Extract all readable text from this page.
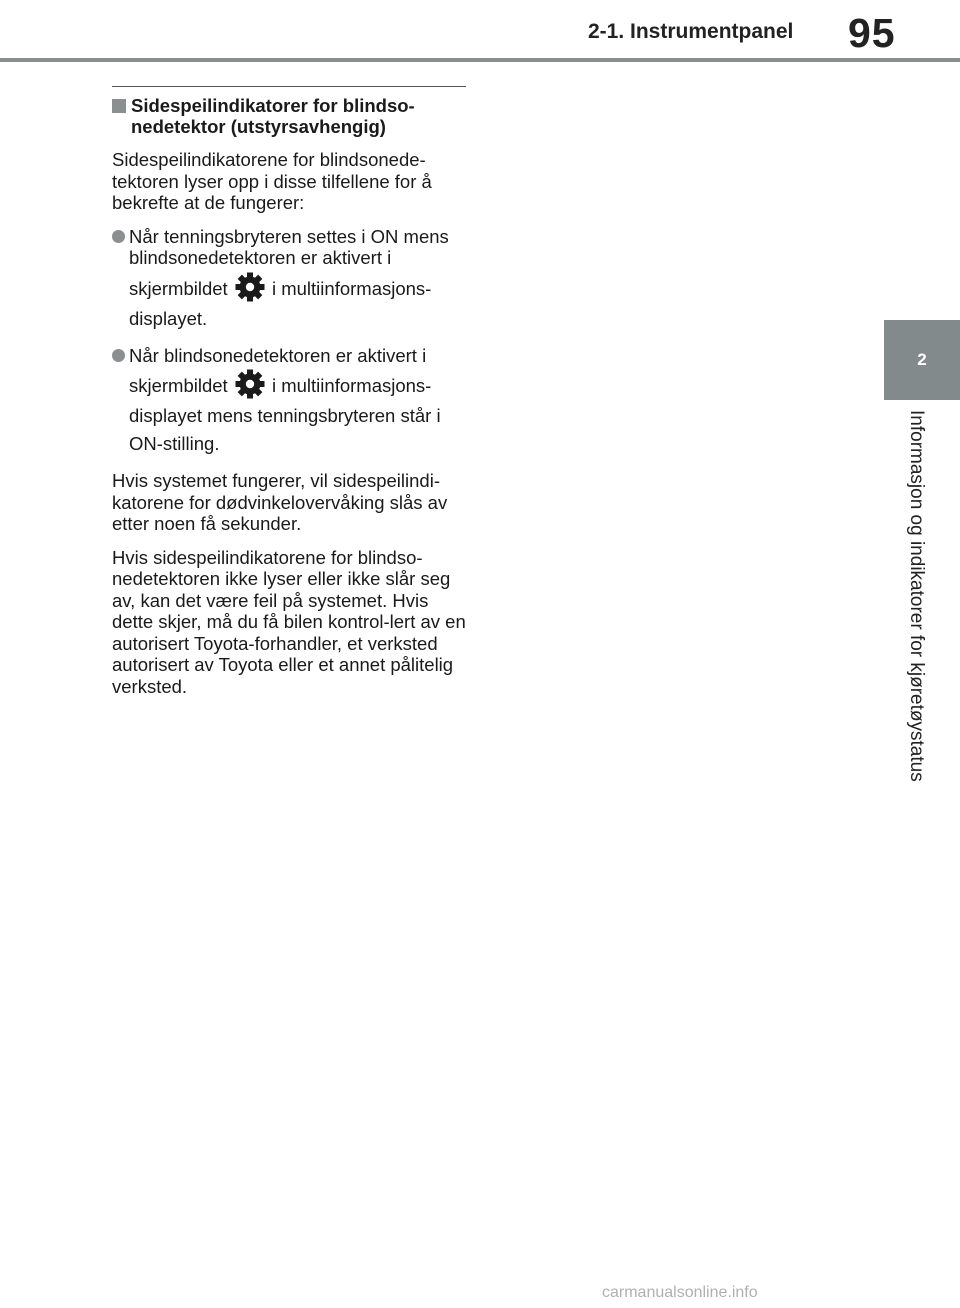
2-1. Instrumentpanel 95
2
Informasjon og indikatorer for kjøretøystatus
Sidespeilindikatorer for blindso-nedetektor (utstyrsavhengig)

Sidespeilindikatorene for blindsonede-tektoren lyser opp i disse tilfellene for å bekrefte at de fungerer:

Når tenningsbryteren settes i ON mens blindsonedetektoren er aktivert i
skjermbildet i multiinformasjons-displayet.
Når blindsonedetektoren er aktivert i
skjermbildet i multiinformasjons-displayet mens tenningsbryteren står i ON-stilling.

Hvis systemet fungerer, vil sidespeilindi-katorene for dødvinkelovervåking slås av etter noen få sekunder.

Hvis sidespeilindikatorene for blindso-nedetektoren ikke lyser eller ikke slår seg av, kan det være feil på systemet. Hvis dette skjer, må du få bilen kontrol-lert av en autorisert Toyota-forhandler, et verksted autorisert av Toyota eller et annet pålitelig verksted.

carmanualsonline.info
